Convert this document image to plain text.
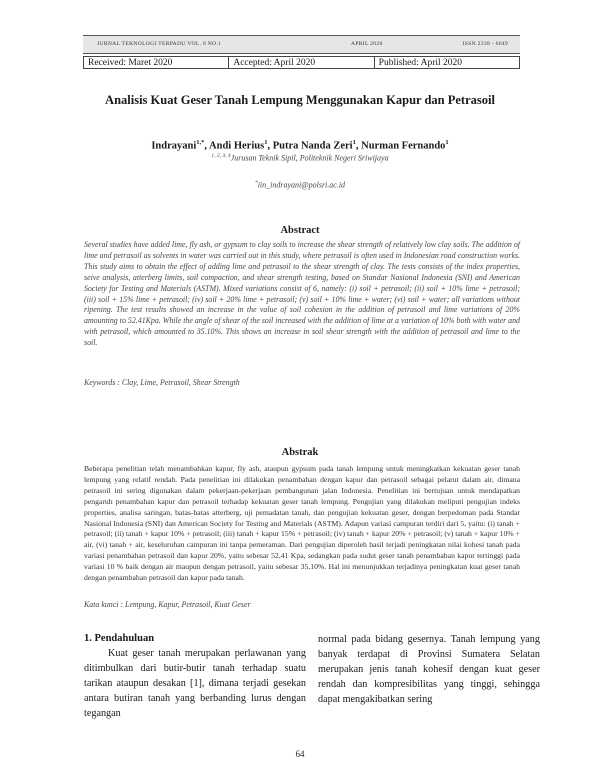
JURNAL TEKNOLOGI TERPADU VOL. 8 NO.1	APRIL 2020	ISSN 2338 - 6649
Received: Maret 2020	Accepted: April 2020	Published: April 2020
Analisis Kuat Geser Tanah Lempung Menggunakan Kapur dan Petrasoil
Indrayani$^{1,*}$, Andi Herius$^1$, Putra Nanda Zeri$^1$, Nurman Fernando$^1$
$^{1, 2, 3, 4}$Jurusan Teknik Sipil, Politeknik Negeri Sriwijaya
*iin_indrayani@polsri.ac.id
Abstract

Several studies have added lime, fly ash, or gypsum to clay soils to increase the shear strength of relatively low clay soils. The addition of lime and petrasoil as solvents in water was carried out in this study, where petrasoil is often used in Indonesian road construction works. This study aims to obtain the effect of adding lime and petrasoil to the shear strength of clay. The tests consists of the index properties, seive analysis, atterberg limits, soil compaction, and shear strength testing, based on Standar Nasional Indonesia (SNI) and American Society for Testing and Materials (ASTM). Mixed variations consist of 6, namely: (i) soil + petrasoil; (ii) soil + 10% lime + petrasoil; (iii) soil + 15% lime + petrasoil; (iv) soil + 20% lime + petrasoil; (v) soil + 10% lime + water; (vi) soil + water; all variations without ripening. The test results showed an increase in the value of soil cohesion in the addition of petrasoil and lime variations of 20% amounting to 52.41Kpa. While the angle of shear of the soil increased with the addition of lime at a variation of 10% both with water and with petrasoil, which amounted to 35.10%. This shows an increase in soil shear strength with the addition of petrasoil and lime to the soil.

Keywords : Clay, Lime, Petrasoil, Shear Strength
Abstrak

Beberapa penelitian telah menambahkan kapur, fly ash, ataupun gypsum pada tanah lempung untuk meningkatkan kekuatan geser tanah lempung yang relatif rendah. Pada penelitian ini dilakukan penambahan dengan kapur dan petrasoil sebagai pelarut dalam air, dimana petrasoil ini sering digunakan dalam pekerjaan-pekerjaan pembangunan jalan Indonesia. Penelitian ini bertujuan untuk mendapatkan pengaruh penambahan kapur dan petrasoil terhadap kekuatan geser tanah lempung. Pengujian yang dilakukan meliputi pengujian indeks properties, analisa saringan, batas-batas atterberg, uji pemadatan tanah, dan pengujian kekuatan geser, dengan berpedoman pada Standar Nasional Indonesia (SNI) dan American Society for Testing and Materials (ASTM). Adapun variasi campuran terdiri dari 5, yaitu: (i) tanah + petrasoil; (ii) tanah + kapur 10% + petrasoil; (iii) tanah + kapur 15% + petrasoil; (iv) tanah + kapur 20% + petrasoil; (v) tanah + kapur 10% + air, (vi) tanah + air, keseluruhan campuran ini tanpa pemeraman. Dari pengujian diperoleh hasil terjadi peningkatan nilai kohesi tanah pada variasi penambahan petrasoil dan kapur 20%, yaitu sebesar 52,41 Kpa, sedangkan pada sudut geser tanah penambahan kapur tertinggi pada variasi 10 % baik dengan air maupun dengan petrasoil, yaitu sebesar 35,10%. Hal ini menunjukkan terjadinya peningkatan kuat geser tanah dengan penambahan petrasoil dan kapur pada tanah.

Kata kunci : Lempung, Kapur, Petrasoil, Kuat Geser
1. Pendahuluan

Kuat geser tanah merupakan perlawanan yang ditimbulkan dari butir-butir tanah terhadap suatu tarikan ataupun desakan [1], dimana terjadi gesekan antara butiran tanah yang berbanding lurus dengan tegangan

normal pada bidang gesernya. Tanah lempung yang banyak terdapat di Provinsi Sumatera Selatan merupakan jenis tanah kohesif dengan kuat geser rendah dan kompresibilitas yang tinggi, sehingga dapat mengakibatkan sering

64
